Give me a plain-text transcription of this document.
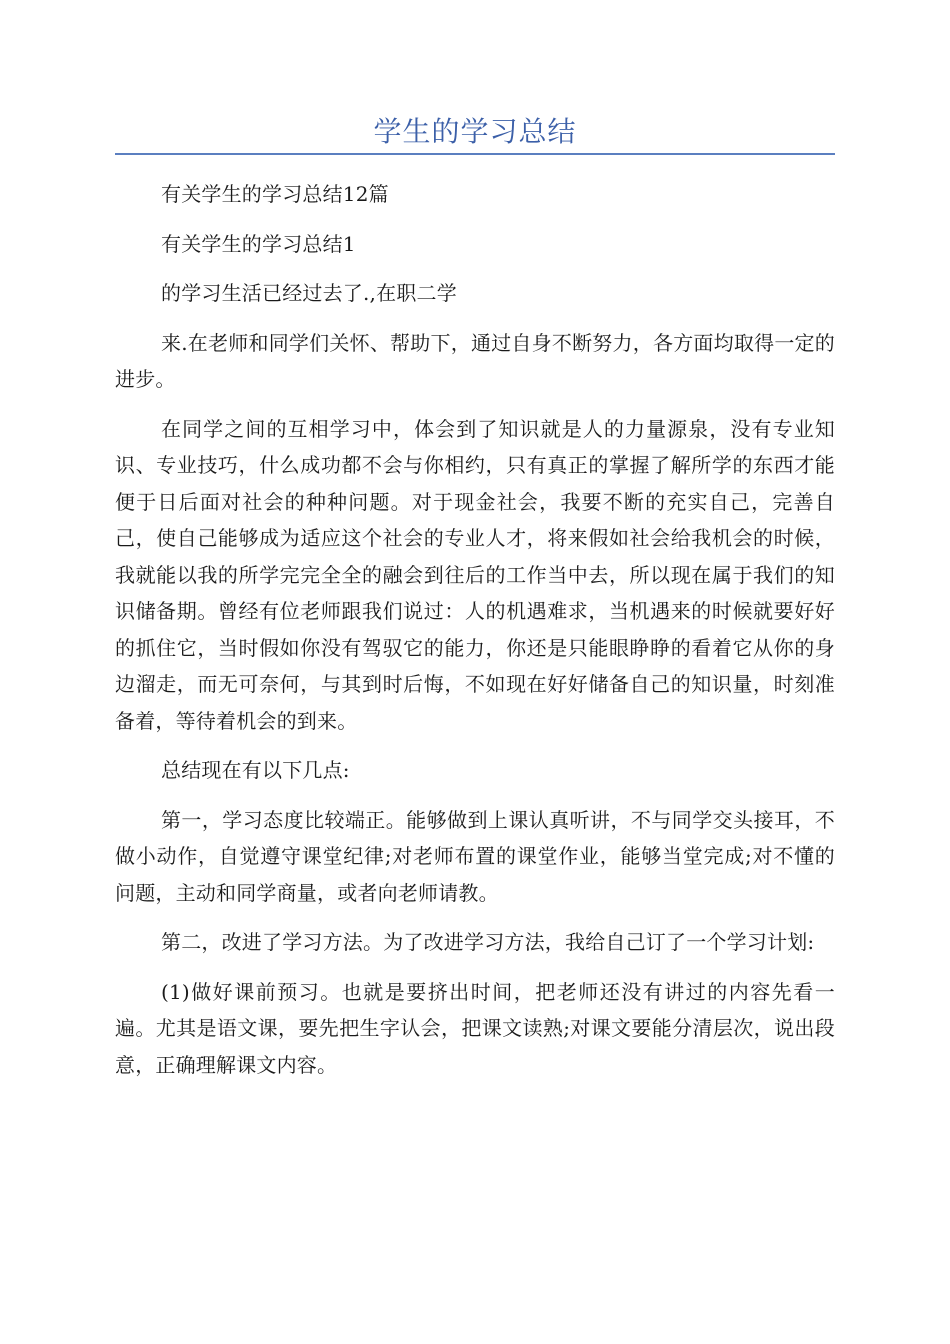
学生的学习总结

有关学生的学习总结12篇

有关学生的学习总结1

的学习生活已经过去了.,在职二学

来.在老师和同学们关怀、帮助下，通过自身不断努力，各方面均取得一定的进步。

在同学之间的互相学习中，体会到了知识就是人的力量源泉，没有专业知识、专业技巧，什么成功都不会与你相约，只有真正的掌握了解所学的东西才能便于日后面对社会的种种问题。对于现金社会，我要不断的充实自己，完善自己，使自己能够成为适应这个社会的专业人才，将来假如社会给我机会的时候，我就能以我的所学完完全全的融会到往后的工作当中去，所以现在属于我们的知识储备期。曾经有位老师跟我们说过：人的机遇难求，当机遇来的时候就要好好的抓住它，当时假如你没有驾驭它的能力，你还是只能眼睁睁的看着它从你的身边溜走，而无可奈何，与其到时后悔，不如现在好好储备自己的知识量，时刻准备着，等待着机会的到来。

总结现在有以下几点:

第一，学习态度比较端正。能够做到上课认真听讲，不与同学交头接耳，不做小动作，自觉遵守课堂纪律;对老师布置的课堂作业，能够当堂完成;对不懂的问题，主动和同学商量，或者向老师请教。

第二，改进了学习方法。为了改进学习方法，我给自己订了一个学习计划:

(1)做好课前预习。也就是要挤出时间，把老师还没有讲过的内容先看一遍。尤其是语文课，要先把生字认会，把课文读熟;对课文要能分清层次，说出段意，正确理解课文内容。
